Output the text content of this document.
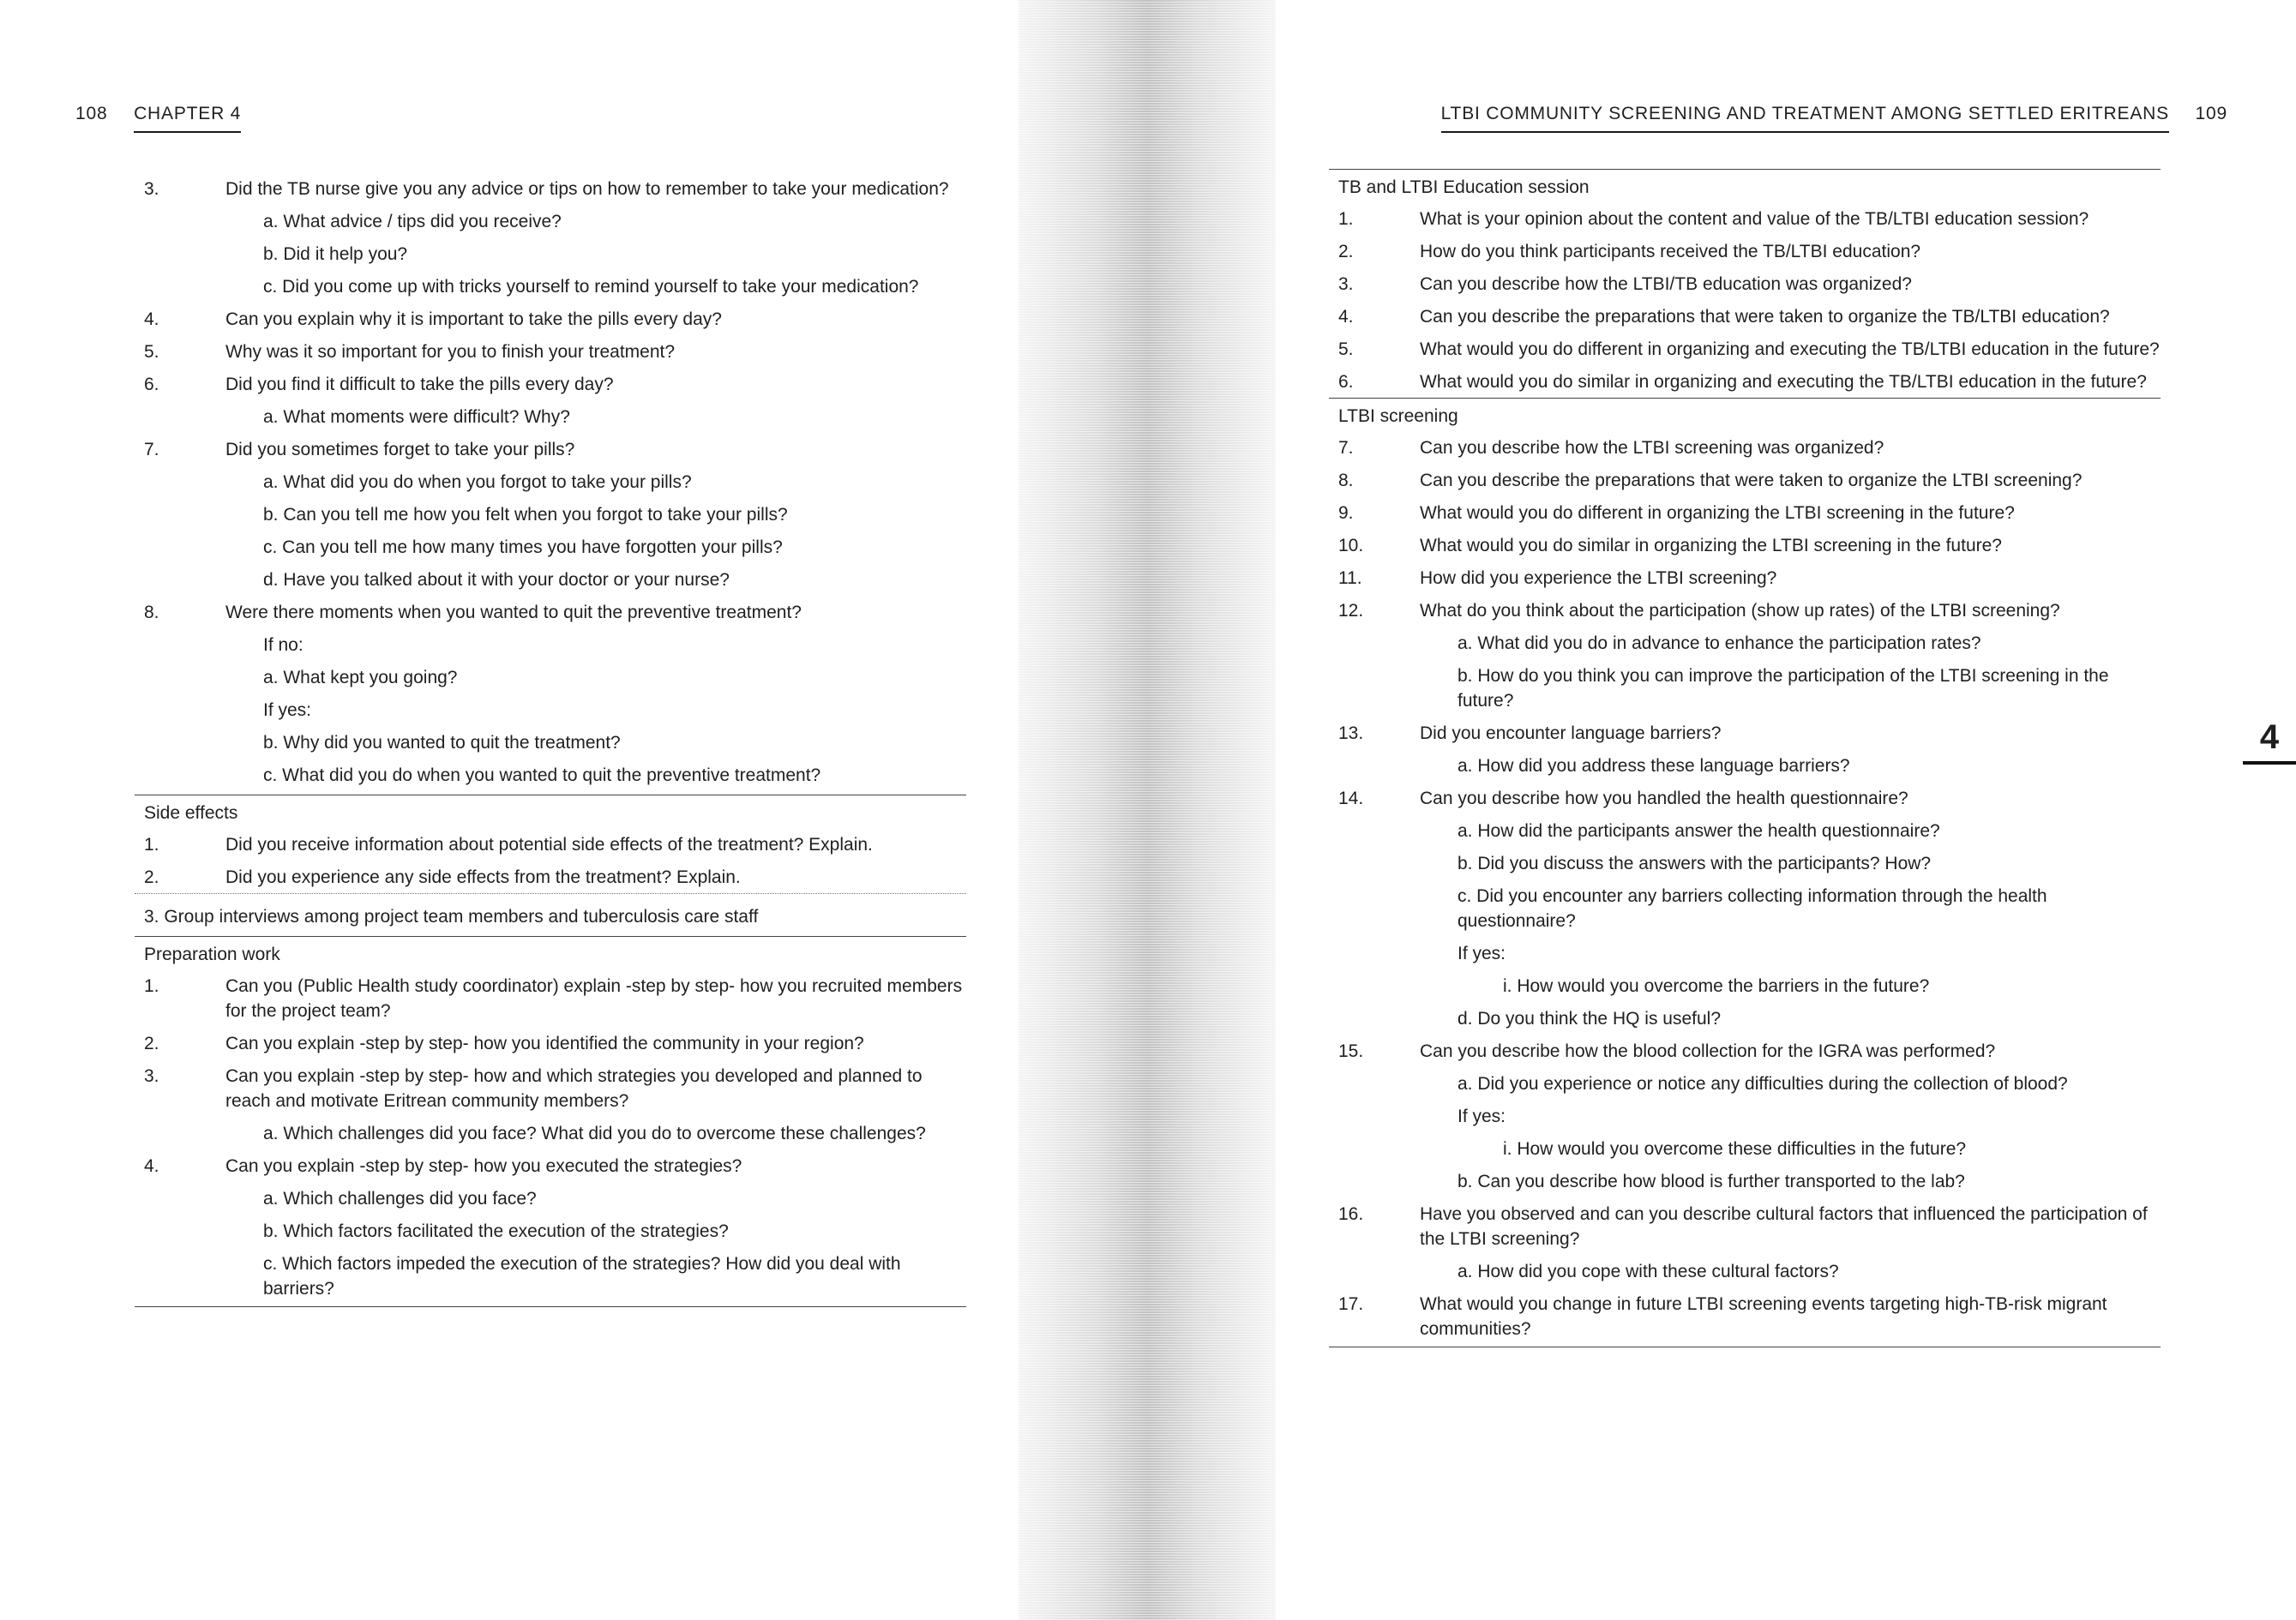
108 CHAPTER 4
3.	Did the TB nurse give you any advice or tips on how to remember to take your medication?
a. What advice / tips did you receive?
b. Did it help you?
c. Did you come up with tricks yourself to remind yourself to take your medication?
4.	Can you explain why it is important to take the pills every day?
5.	Why was it so important for you to finish your treatment?
6.	Did you find it difficult to take the pills every day?
a. What moments were difficult? Why?
7.	Did you sometimes forget to take your pills?
a. What did you do when you forgot to take your pills?
b. Can you tell me how you felt when you forgot to take your pills?
c. Can you tell me how many times you have forgotten your pills?
d. Have you talked about it with your doctor or your nurse?
8.	Were there moments when you wanted to quit the preventive treatment?
If no:
a. What kept you going?
If yes:
b. Why did you wanted to quit the treatment?
c. What did you do when you wanted to quit the preventive treatment?
Side effects
1.	Did you receive information about potential side effects of the treatment? Explain.
2.	Did you experience any side effects from the treatment? Explain.
3. Group interviews among project team members and tuberculosis care staff
Preparation work
1.	Can you (Public Health study coordinator) explain -step by step- how you recruited members for the project team?
2.	Can you explain -step by step- how you identified the community in your region?
3.	Can you explain -step by step- how and which strategies you developed and planned to reach and motivate Eritrean community members?
a. Which challenges did you face? What did you do to overcome these challenges?
4.	Can you explain -step by step- how you executed the strategies?
a. Which challenges did you face?
b. Which factors facilitated the execution of the strategies?
c. Which factors impeded the execution of the strategies? How did you deal with barriers?
LTBI COMMUNITY SCREENING AND TREATMENT AMONG SETTLED ERITREANS 109
4
TB and LTBI Education session
1.	What is your opinion about the content and value of the TB/LTBI education session?
2.	How do you think participants received the TB/LTBI education?
3.	Can you describe how the LTBI/TB education was organized?
4.	Can you describe the preparations that were taken to organize the TB/LTBI education?
5.	What would you do different in organizing and executing the TB/LTBI education in the future?
6.	What would you do similar in organizing and executing the TB/LTBI education in the future?
LTBI screening
7.	Can you describe how the LTBI screening was organized?
8.	Can you describe the preparations that were taken to organize the LTBI screening?
9.	What would you do different in organizing the LTBI screening in the future?
10.	What would you do similar in organizing the LTBI screening in the future?
11.	How did you experience the LTBI screening?
12.	What do you think about the participation (show up rates) of the LTBI screening?
a. What did you do in advance to enhance the participation rates?
b. How do you think you can improve the participation of the LTBI screening in the future?
13.	Did you encounter language barriers?
a. How did you address these language barriers?
14.	Can you describe how you handled the health questionnaire?
a. How did the participants answer the health questionnaire?
b. Did you discuss the answers with the participants? How?
c. Did you encounter any barriers collecting information through the health questionnaire?
If yes:
i. How would you overcome the barriers in the future?
d. Do you think the HQ is useful?
15.	Can you describe how the blood collection for the IGRA was performed?
a. Did you experience or notice any difficulties during the collection of blood?
If yes:
i. How would you overcome these difficulties in the future?
b. Can you describe how blood is further transported to the lab?
16.	Have you observed and can you describe cultural factors that influenced the participation of the LTBI screening?
a. How did you cope with these cultural factors?
17.	What would you change in future LTBI screening events targeting high-TB-risk migrant communities?
